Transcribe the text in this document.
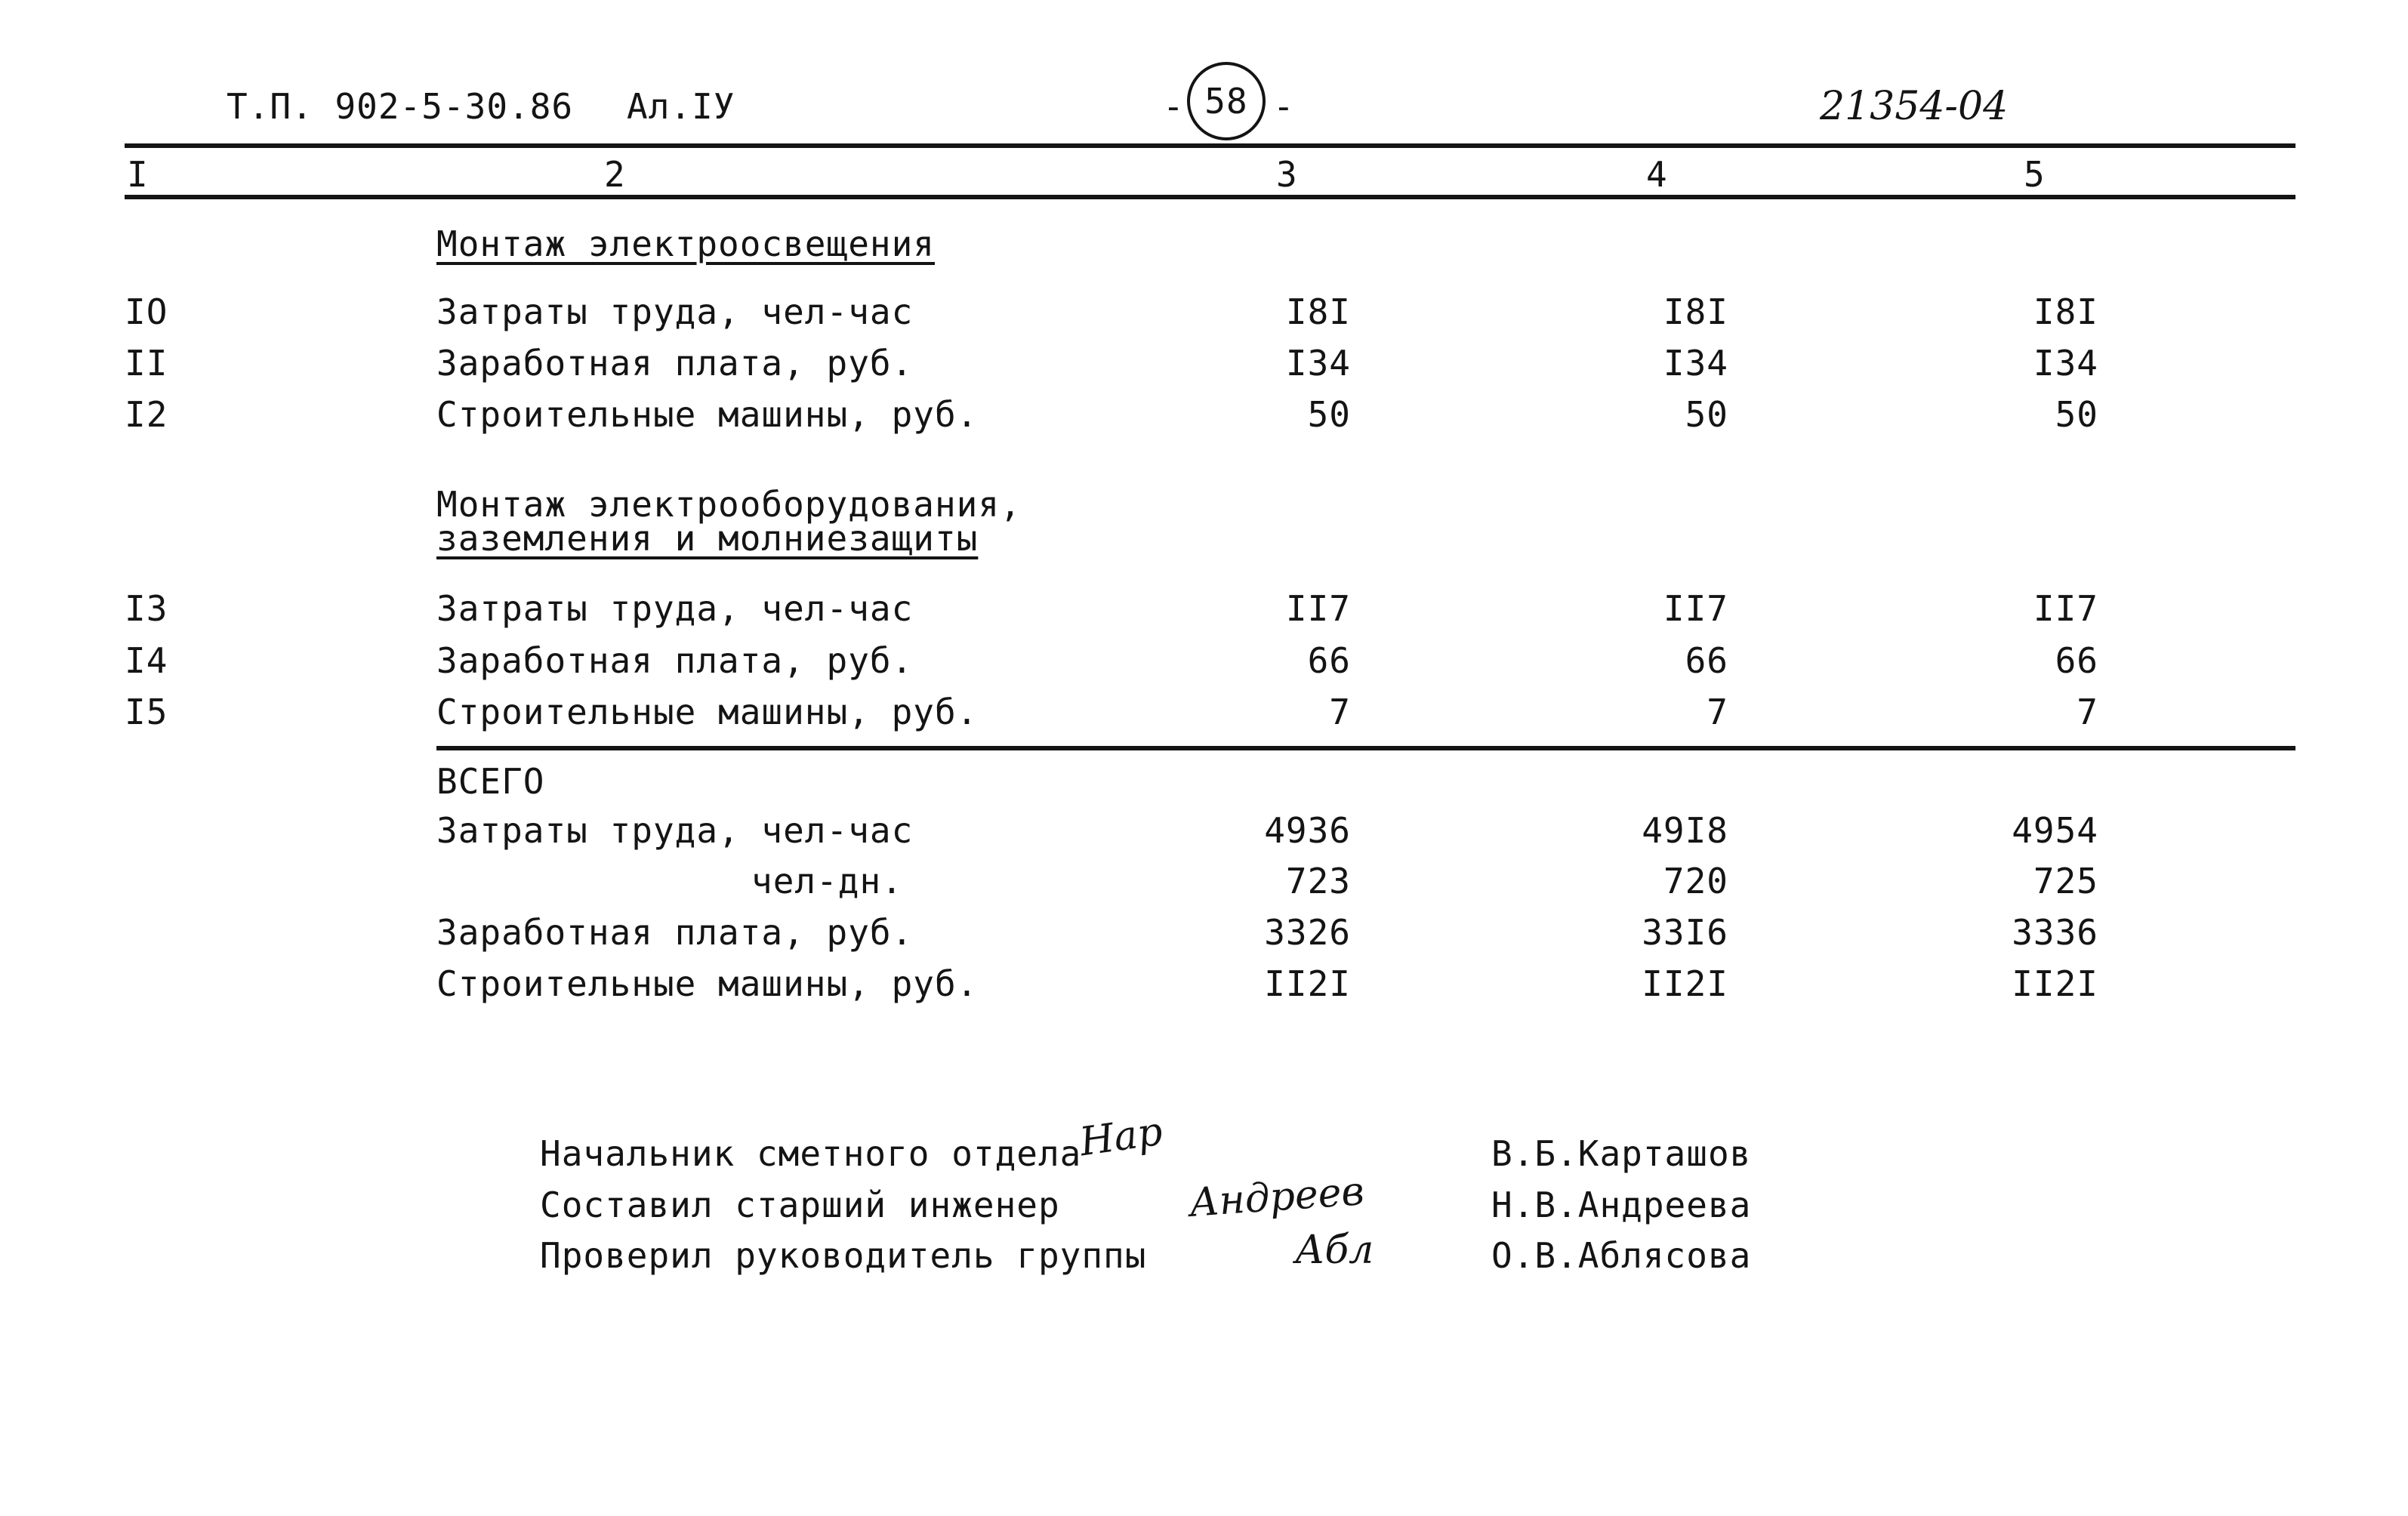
Т.П. 902-5-30.86 Ал.IУ	- 58 -	21354-04
I	2	3	4	5
Монтаж электроосвещения
IO	Затраты труда, чел-час	I8I	I8I	I8I
II	Заработная плата, руб.	I34	I34	I34
I2	Строительные машины, руб.	50	50	50
Монтаж электрооборудования,
заземления и молниезащиты
I3	Затраты труда, чел-час	II7	II7	II7
I4	Заработная плата, руб.	66	66	66
I5	Строительные машины, руб.	7	7	7
ВСЕГО
Затраты труда, чел-час	4936	49I8	4954
чел-дн.	723	720	725
Заработная плата, руб.	3326	33I6	3336
Строительные машины, руб.	II2I	II2I	II2I
Начальник сметного отдела
Нар	В.Б.Карташов
Составил старший инженер	Андреев	Н.В.Андреева
Проверил руководитель группы	Абл	О.В.Аблясова
